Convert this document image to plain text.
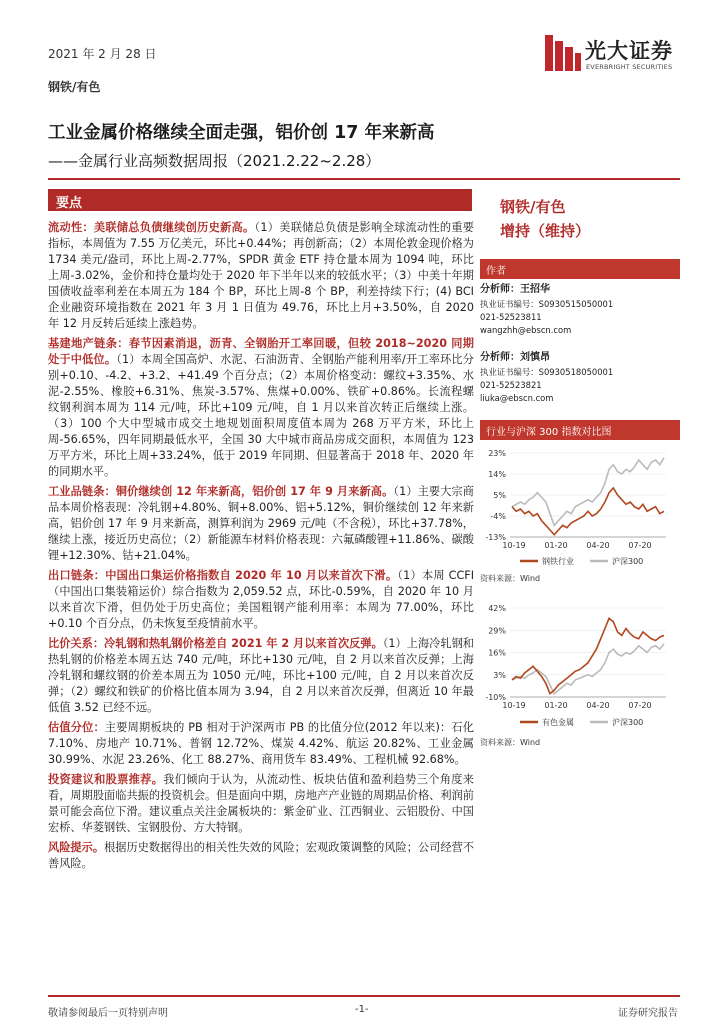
2021 年 2 月 28 日	光大证券
EVERBRIGHT SECURITIES
钢铁/有色
工业金属价格继续全面走强，铝价创 17 年来新高
——金属行业高频数据周报（2021.2.22~2.28）
要点

流动性：美联储总负债继续创历史新高。（1）美联储总负债是影响全球流动性的重要指标，本周值为 7.55 万亿美元，环比+0.44%；再创新高；（2）本周伦敦金现价格为 1734 美元/盎司，环比上周-2.77%，SPDR 黄金 ETF 持仓量本周为 1094 吨，环比上周-3.02%，金价和持仓量均处于 2020 年下半年以来的较低水平；（3）中美十年期国债收益率利差在本周五为 184 个 BP，环比上周-8 个 BP，利差持续下行；(4) BCI 企业融资环境指数在 2021 年 3 月 1 日值为 49.76，环比上月+3.50%，自 2020 年 12 月反转后延续上涨趋势。

基建地产链条：春节因素消退，沥青、全钢胎开工率回暖，但较 2018~2020 同期处于中低位。（1）本周全国高炉、水泥、石油沥青、全钢胎产能利用率/开工率环比分别+0.10、-4.2、+3.2、+41.49 个百分点；（2）本周价格变动：螺纹+3.35%、水泥-2.55%、橡胶+6.31%、焦炭-3.57%、焦煤+0.00%、铁矿+0.86%。长流程螺纹钢利润本周为 114 元/吨，环比+109 元/吨，自 1 月以来首次转正后继续上涨。（3）100 个大中型城市成交土地规划面积周度值本周为 268 万平方米，环比上周-56.65%，四年同期最低水平，全国 30 大中城市商品房成交面积，本周值为 123 万平方米，环比上周+33.24%，低于 2019 年同期、但显著高于 2018 年、2020 年的同期水平。

工业品链条：铜价继续创 12 年来新高，铝价创 17 年 9 月来新高。（1）主要大宗商品本周价格表现：冷轧钢+4.80%、铜+8.00%、铝+5.12%，铜价继续创 12 年来新高，铝价创 17 年 9 月来新高，测算利润为 2969 元/吨（不含税），环比+37.78%，继续上涨，接近历史高位；（2）新能源车材料价格表现：六氟磷酸锂+11.86%、碳酸锂+12.30%、钴+21.04%。

出口链条：中国出口集运价格指数自 2020 年 10 月以来首次下滑。（1）本周 CCFI（中国出口集装箱运价）综合指数为 2,059.52 点，环比-0.59%，自 2020 年 10 月以来首次下滑，但仍处于历史高位；美国粗钢产能利用率：本周为 77.00%，环比+0.10 个百分点，仍未恢复至疫情前水平。

比价关系：冷轧钢和热轧钢价格差自 2021 年 2 月以来首次反弹。（1）上海冷轧钢和热轧钢的价格差本周五达 740 元/吨，环比+130 元/吨，自 2 月以来首次反弹；上海冷轧钢和螺纹钢的价差本周五为 1050 元/吨，环比+100 元/吨，自 2 月以来首次反弹；（2）螺纹和铁矿的价格比值本周为 3.94，自 2 月以来首次反弹，但离近 10 年最低值 3.52 已经不远。

估值分位：主要周期板块的 PB 相对于沪深两市 PB 的比值分位(2012 年以来)：石化 7.10%、房地产 10.71%、普钢 12.72%、煤炭 4.42%、航运 20.82%、工业金属 30.99%、水泥 23.26%、化工 88.27%、商用货车 83.49%、工程机械 92.68%。

投资建议和股票推荐。我们倾向于认为，从流动性、板块估值和盈利趋势三个角度来看，周期股面临共振的投资机会。但是面向中期，房地产产业链的周期品价格、利润前景可能会高位下滑。建议重点关注金属板块的：紫金矿业、江西铜业、云铝股份、中国宏桥、华菱钢铁、宝钢股份、方大特钢。

风险提示。根据历史数据得出的相关性失效的风险；宏观政策调整的风险；公司经营不善风险。

钢铁/有色
增持（维持）
作者
分析师：王招华
执业证书编号：S0930515050001
021-52523811
wangzhh@ebscn.com
分析师：刘慎昂
执业证书编号：S0930518050001
021-52523821
liuka@ebscn.com
行业与沪深 300 指数对比图
23%
14%
5%
-4%
-13%
10-19 01-20 04-20 07-20
钢铁行业	沪深300
资料来源：Wind
42%
29%
16%
3%
-10%
10-19 01-20 04-20 07-20
有色金属	沪深300
资料来源：Wind
敬请参阅最后一页特别声明	-1-	证券研究报告
